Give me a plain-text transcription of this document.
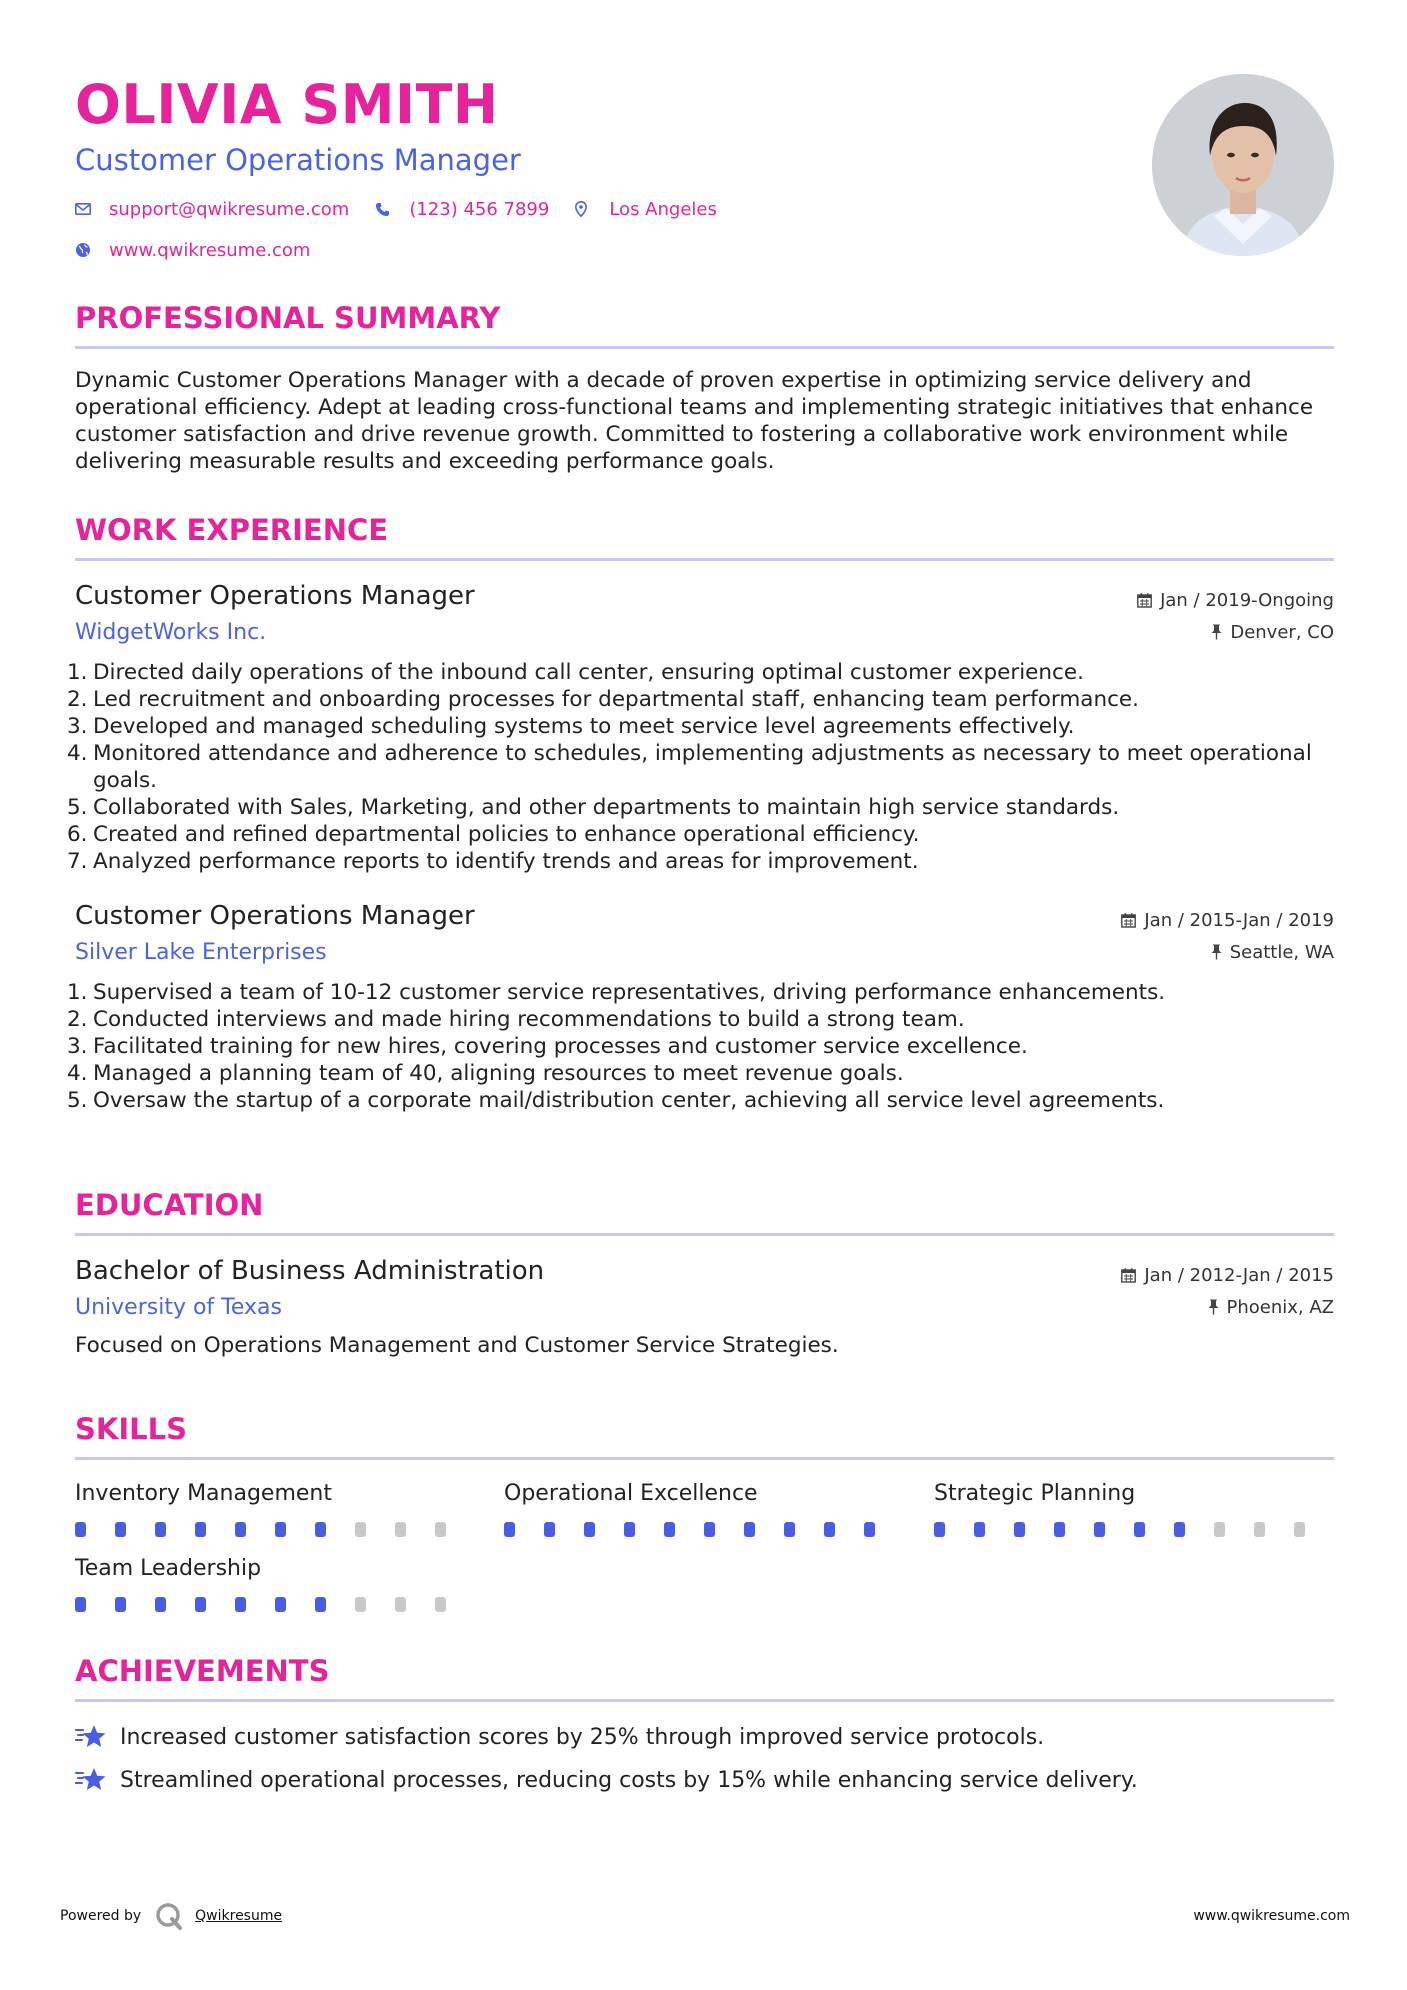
OLIVIA SMITH
Customer Operations Manager
support@qwikresume.com	(123) 456 7899	Los Angeles
www.qwikresume.com
PROFESSIONAL SUMMARY
Dynamic Customer Operations Manager with a decade of proven expertise in optimizing service delivery and operational efficiency. Adept at leading cross-functional teams and implementing strategic initiatives that enhance customer satisfaction and drive revenue growth. Committed to fostering a collaborative work environment while delivering measurable results and exceeding performance goals.
WORK EXPERIENCE
Customer Operations Manager	Jan / 2019-Ongoing
WidgetWorks Inc.	Denver, CO
1. Directed daily operations of the inbound call center, ensuring optimal customer experience.
2. Led recruitment and onboarding processes for departmental staff, enhancing team performance.
3. Developed and managed scheduling systems to meet service level agreements effectively.
4. Monitored attendance and adherence to schedules, implementing adjustments as necessary to meet operational goals.
5. Collaborated with Sales, Marketing, and other departments to maintain high service standards.
6. Created and refined departmental policies to enhance operational efficiency.
7. Analyzed performance reports to identify trends and areas for improvement.
Customer Operations Manager	Jan / 2015-Jan / 2019
Silver Lake Enterprises	Seattle, WA
1. Supervised a team of 10-12 customer service representatives, driving performance enhancements.
2. Conducted interviews and made hiring recommendations to build a strong team.
3. Facilitated training for new hires, covering processes and customer service excellence.
4. Managed a planning team of 40, aligning resources to meet revenue goals.
5. Oversaw the startup of a corporate mail/distribution center, achieving all service level agreements.
EDUCATION
Bachelor of Business Administration	Jan / 2012-Jan / 2015
University of Texas	Phoenix, AZ
Focused on Operations Management and Customer Service Strategies.
SKILLS
Inventory Management	Operational Excellence	Strategic Planning
Team Leadership
ACHIEVEMENTS
Increased customer satisfaction scores by 25% through improved service protocols.
Streamlined operational processes, reducing costs by 15% while enhancing service delivery.
Powered by	Qwikresume	www.qwikresume.com
